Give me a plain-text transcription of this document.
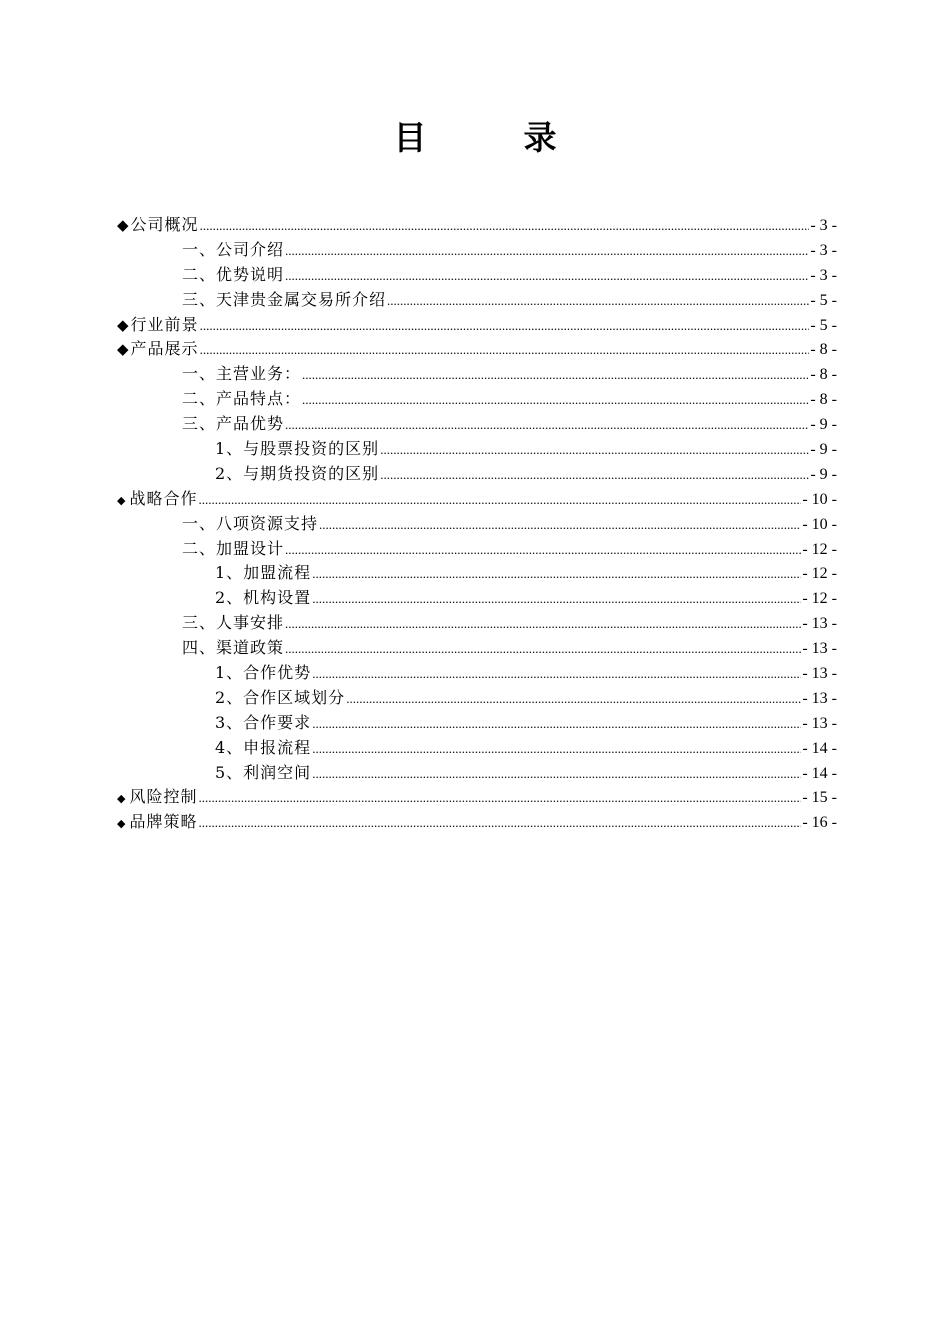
目　录
◆ 公司概况 .....	- 3 -
一、公司介绍 .....	- 3 -
二、优势说明 .....	- 3 -
三、天津贵金属交易所介绍 .....	- 5 -
◆ 行业前景 .....	- 5 -
◆ 产品展示 .....	- 8 -
一、主营业务： .....	- 8 -
二、产品特点： .....	- 8 -
三、产品优势 .....	- 9 -
1、与股票投资的区别 .....	- 9 -
2、与期货投资的区别 .....	- 9 -
◆ 战略合作 .....	- 10 -
一、八项资源支持 .....	- 10 -
二、加盟设计 .....	- 12 -
1、加盟流程 .....	- 12 -
2、机构设置 .....	- 12 -
三、人事安排 .....	- 13 -
四、渠道政策 .....	- 13 -
1、合作优势 .....	- 13 -
2、合作区域划分 .....	- 13 -
3、合作要求 .....	- 13 -
4、申报流程 .....	- 14 -
5、利润空间 .....	- 14 -
◆ 风险控制 .....	- 15 -
◆ 品牌策略 .....	- 16 -
